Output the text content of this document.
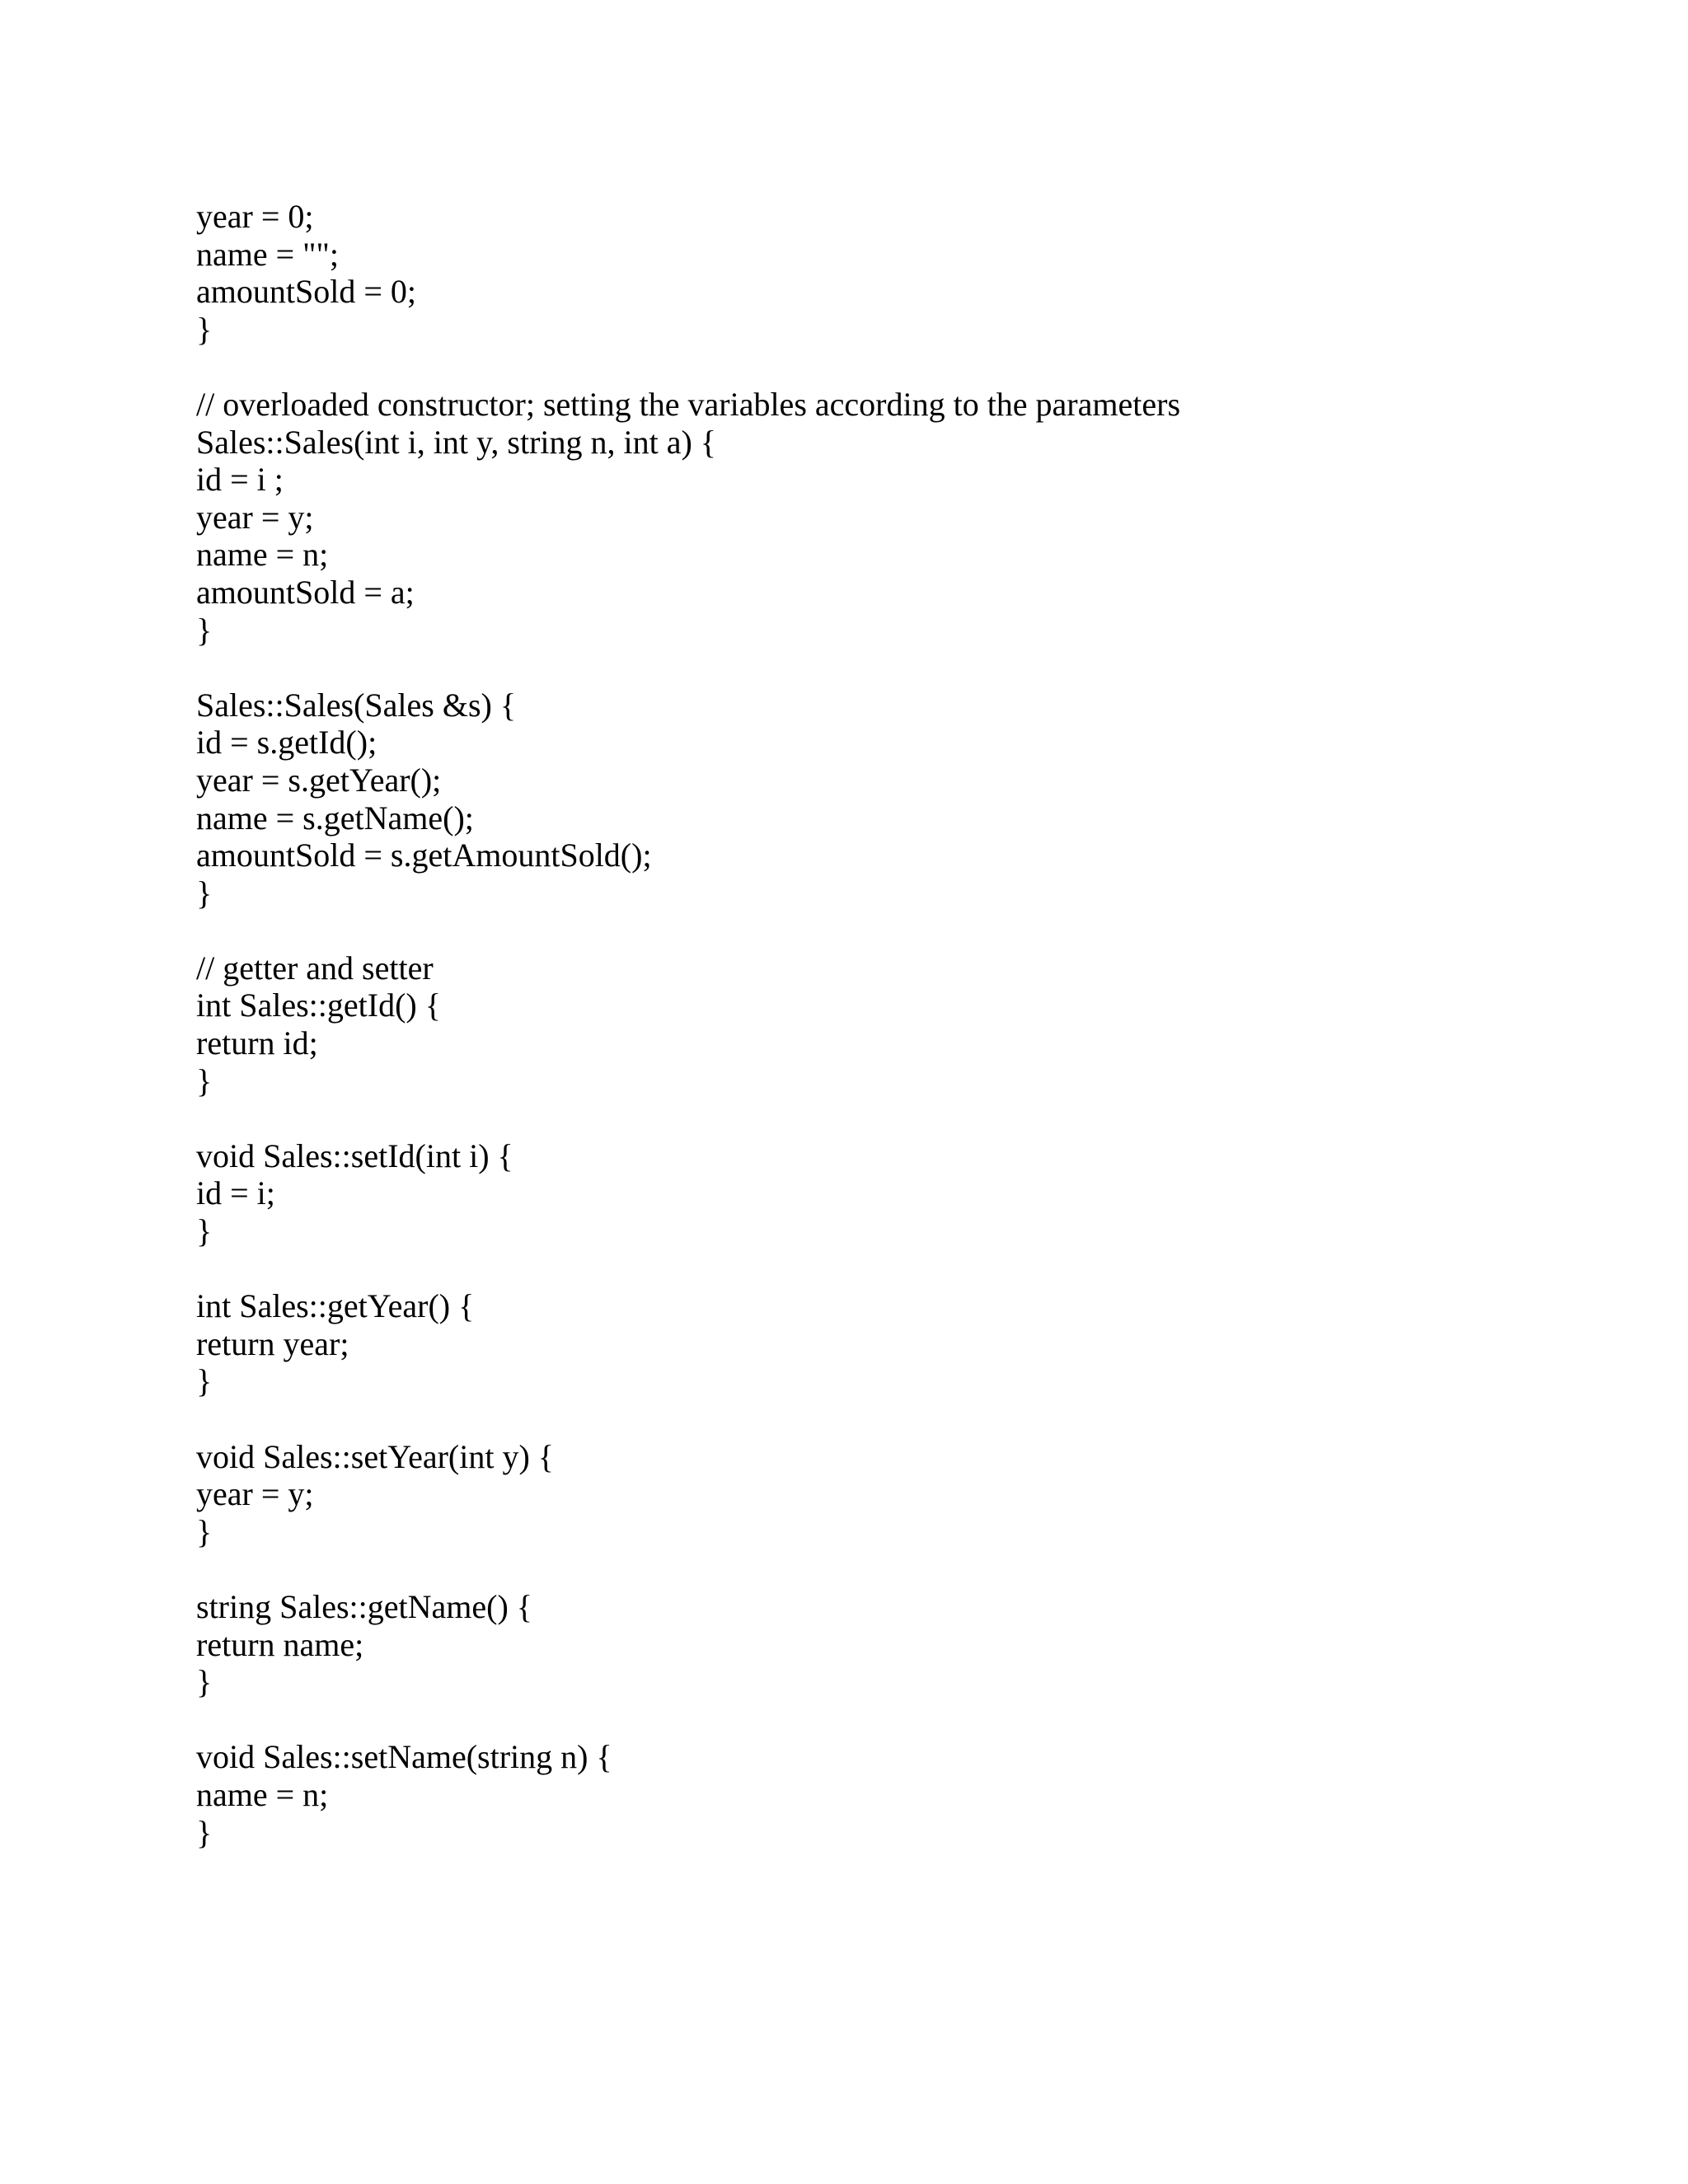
year = 0;
name = "";
amountSold = 0;
}
// overloaded constructor; setting the variables according to the parameters
Sales::Sales(int i, int y, string n, int a) {
id = i ;
year = y;
name = n;
amountSold = a;
}
Sales::Sales(Sales &s) {
id = s.getId();
year = s.getYear();
name = s.getName();
amountSold = s.getAmountSold();
}
// getter and setter
int Sales::getId() {
return id;
}
void Sales::setId(int i) {
id = i;
}
int Sales::getYear() {
return year;
}
void Sales::setYear(int y) {
year = y;
}
string Sales::getName() {
return name;
}
void Sales::setName(string n) {
name = n;
}
